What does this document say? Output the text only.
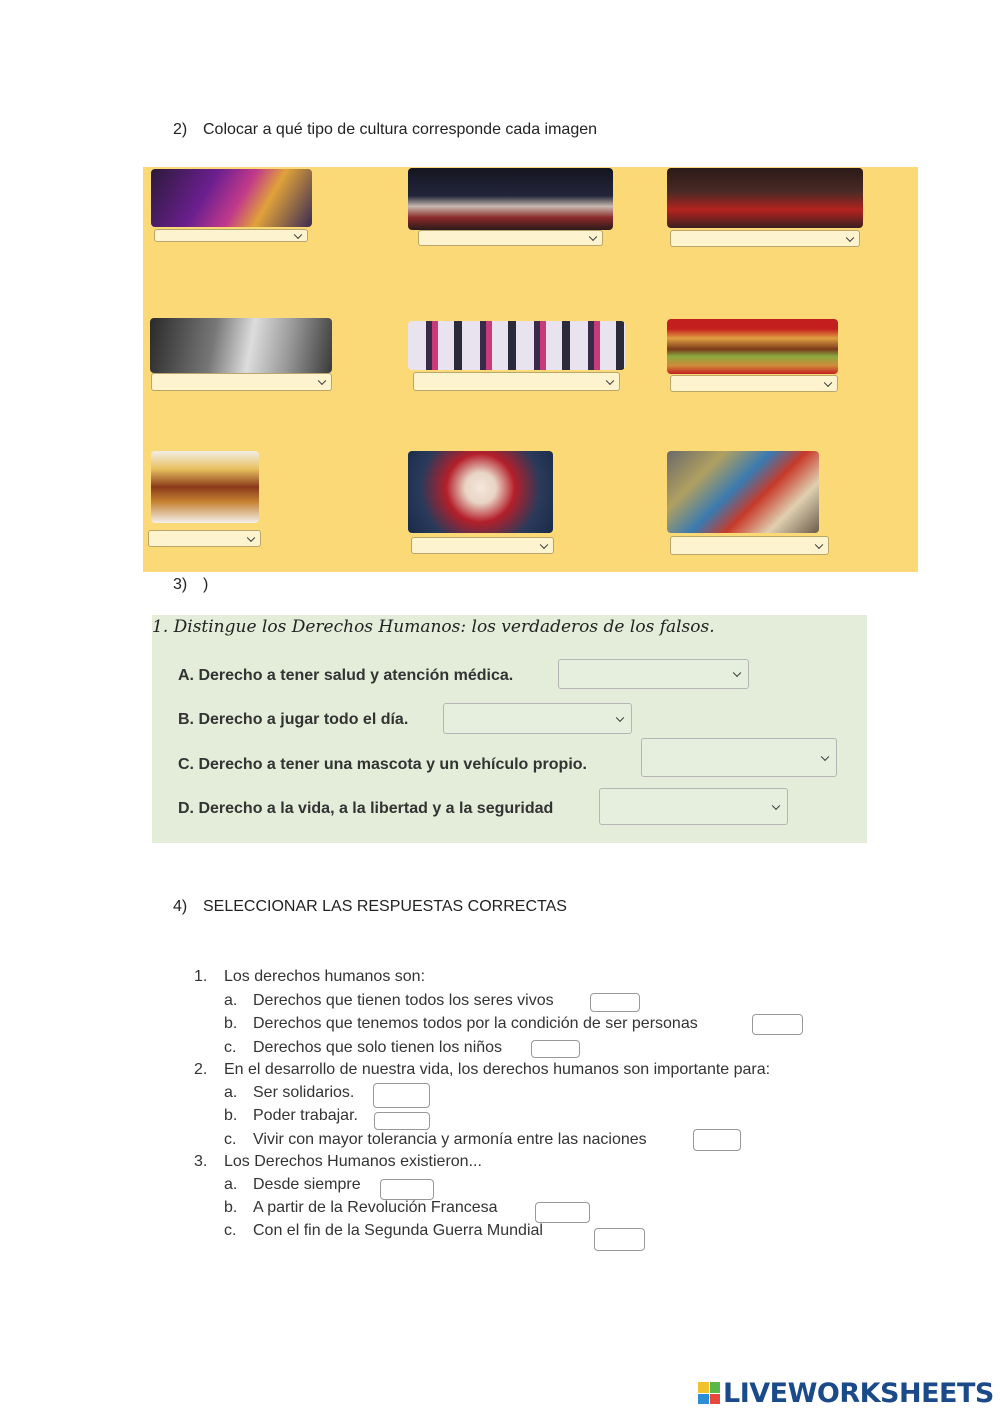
2) Colocar a qué tipo de cultura corresponde cada imagen
3) )
1. Distingue los Derechos Humanos: los verdaderos de los falsos.
A. Derecho a tener salud y atención médica.
B. Derecho a jugar todo el día.
C. Derecho a tener una mascota y un vehículo propio.
D. Derecho a la vida, a la libertad y a la seguridad
4) SELECCIONAR LAS RESPUESTAS CORRECTAS
1. Los derechos humanos son:
a. Derechos que tienen todos los seres vivos
b. Derechos que tenemos todos por la condición de ser personas
c. Derechos que solo tienen los niños
2. En el desarrollo de nuestra vida, los derechos humanos son importante para:
a. Ser solidarios.
b. Poder trabajar.
c. Vivir con mayor tolerancia y armonía entre las naciones
3. Los Derechos Humanos existieron...
a. Desde siempre
b. A partir de la Revolución Francesa
c. Con el fin de la Segunda Guerra Mundial
LIVEWORKSHEETS
